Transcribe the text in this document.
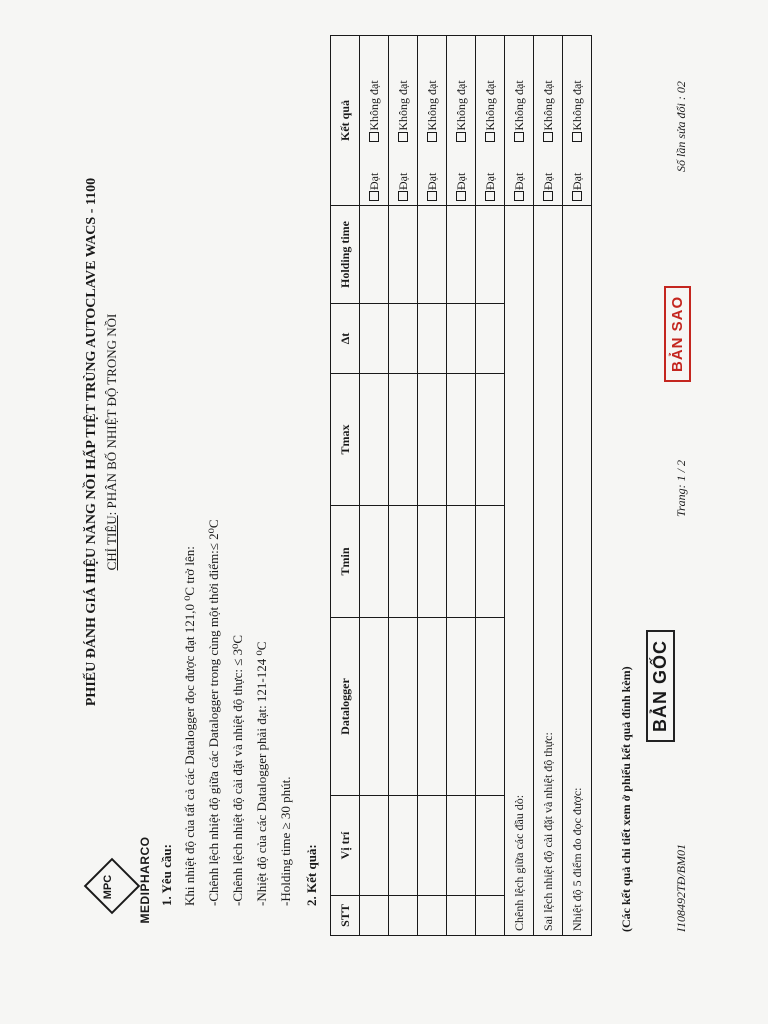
MPC MEDIPHARCO
PHIẾU ĐÁNH GIÁ HIỆU NĂNG NỒI HẤP TIỆT TRÙNG AUTOCLAVE WACS - 1100 CHỈ TIÊU: PHÂN BỐ NHIỆT ĐỘ TRONG NỒI
1. Yêu cầu: Khi nhiệt độ của tất cả các Datalogger đọc được đạt 121,0 ⁰C trở lên: -Chênh lệch nhiệt độ giữa các Datalogger trong cùng một thời điểm:≤ 2⁰C -Chênh lệch nhiệt độ cài đặt và nhiệt độ thực: ≤ 3⁰C -Nhiệt độ của các Datalogger phải đạt: 121-124 ⁰C -Holding time ≥ 30 phút. 2. Kết quả:
STT	Vị trí	Datalogger	Tmin	Tmax	Δt	Holding time	Kết quả
							Đạt Không đạt
							Đạt Không đạt
							Đạt Không đạt
							Đạt Không đạt
							Đạt Không đạt
Chênh lệch giữa các đầu dò:							Đạt Không đạt
Sai lệch nhiệt độ cài đặt và nhiệt độ thực:							Đạt Không đạt
Nhiệt độ 5 điểm đo đọc được:							Đạt Không đạt
(Các kết quả chi tiết xem ở phiếu kết quả đính kèm) BẢN GỐC
BẢN SAO
I108492TĐ/BM01
Trang: 1 / 2
Số lần sửa đổi : 02
